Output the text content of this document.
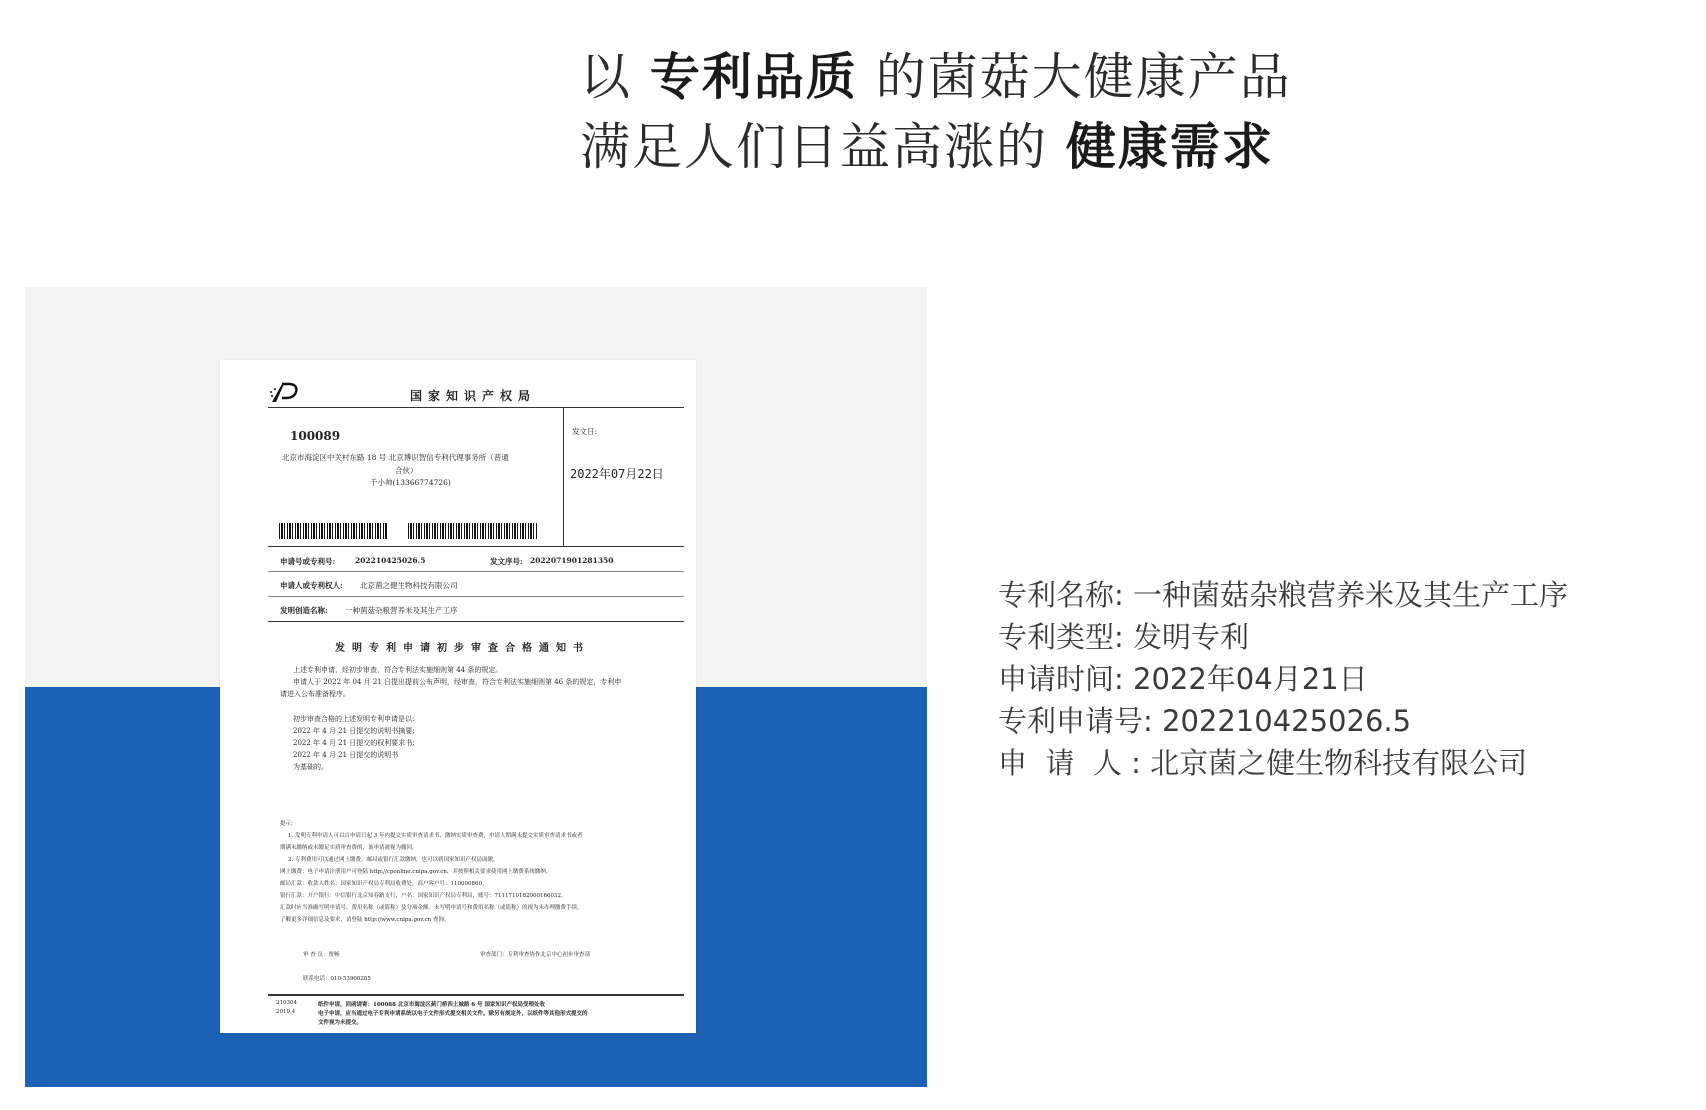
以 专利品质 的菌菇大健康产品
满足人们日益高涨的 健康需求
国家知识产权局
100089
北京市海淀区中关村东路 18 号 北京博识智信专利代理事务所（普通
合伙）
千小帅(13366774726)
发文日:
2022年07月22日
申请号或专利号:	202210425026.5	发文序号: 2022071901281350
申请人或专利权人: 北京菌之健生物科技有限公司
发明创造名称: 一种菌菇杂粮营养米及其生产工序
发明专利申请初步审查合格通知书
上述专利申请，经初步审查，符合专利法实施细则第 44 条的规定。
申请人于 2022 年 04 月 21 日提出提前公布声明，经审查，符合专利法实施细则第 46 条的规定，专利申
请进入公布准备程序。
初步审查合格的上述发明专利申请是以:
2022 年 4 月 21 日提交的说明书摘要;
2022 年 4 月 21 日提交的权利要求书;
2022 年 4 月 21 日提交的说明书
为基础的。
提示:
1. 发明专利申请人可以自申请日起 3 年内提交实质审查请求书、缴纳实质审查费，申请人期满未提交实质审查请求书或者
期满未缴纳或未缴足实质审查费的，该申请被视为撤回。
2. 专利费用可以通过网上缴费、邮局或银行汇款缴纳，也可以到国家知识产权局面缴。
网上缴费：电子申请注册用户可登陆 http://cponline.cnipa.gov.cn，并按照相关要求使用网上缴费系统缴纳。
邮局汇款：收款人姓名：国家知识产权局专利局收费处，商户客户号：110000860。
银行汇款：开户银行：中信银行北京知春路支行，户名：国家知识产权局专利局，账号：7111710182000166032。
汇款时应当准确写明申请号、费用名称（或简称）及分项金额。未写明申请号和费用名称（或简称）的视为未办理缴费手续。
了解更多详细信息及要求，请登陆 http://www.cnipa.gov.cn 查询。
审 查 员：贾畅	审查部门：专利审查协作北京中心初步审查部
联系电话：010-53960285
210304
2019.4
纸件申请，回函请寄：100088 北京市海淀区蓟门桥西土城路 6 号 国家知识产权局受理处收
电子申请，应当通过电子专利申请系统以电子文件形式提交相关文件。除另有规定外，以纸件等其他形式提交的
文件视为未提交。
专利名称: 一种菌菇杂粮营养米及其生产工序
专利类型: 发明专利
申请时间: 2022年04月21日
专利申请号: 202210425026.5
申  请  人 : 北京菌之健生物科技有限公司
